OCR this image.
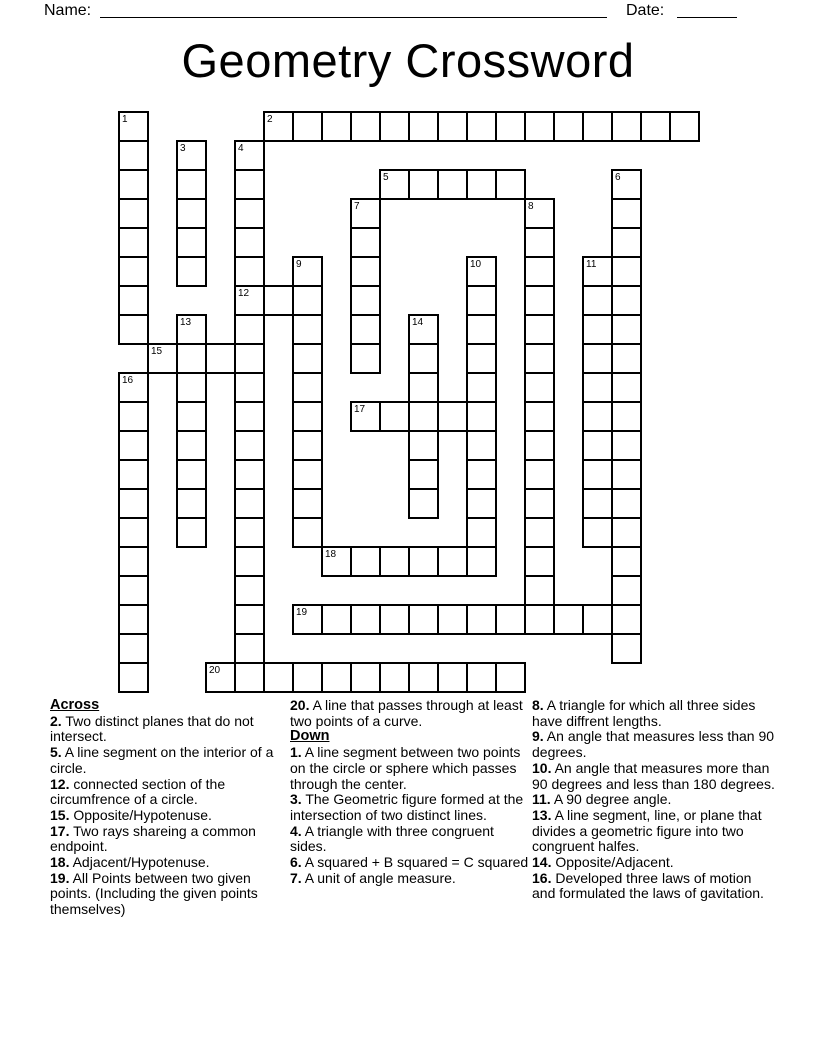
Name:	Date:
Geometry Crossword
1	2
3	4
5	6
7	8
9	10	11
12
13	14
15
16
17
18
19
20

Across

2. Two distinct planes that do not intersect.

5. A line segment on the interior of a circle.

12. connected section of the circumfrence of a circle.

15. Opposite/Hypotenuse.

17. Two rays shareing a common endpoint.

18. Adjacent/Hypotenuse.

19. All Points between two given points. (Including the given points themselves)

20. A line that passes through at least two points of a curve.

Down

1. A line segment between two points on the circle or sphere which passes through the center.

3. The Geometric figure formed at the intersection of two distinct lines.

4. A triangle with three congruent sides.

6. A squared + B squared = C squared

7. A unit of angle measure.

8. A triangle for which all three sides have diffrent lengths.

9. An angle that measures less than 90 degrees.

10. An angle that measures more than 90 degrees and less than 180 degrees.

11. A 90 degree angle.

13. A line segment, line, or plane that divides a geometric figure into two congruent halfes.

14. Opposite/Adjacent.

16. Developed three laws of motion and formulated the laws of gavitation.
